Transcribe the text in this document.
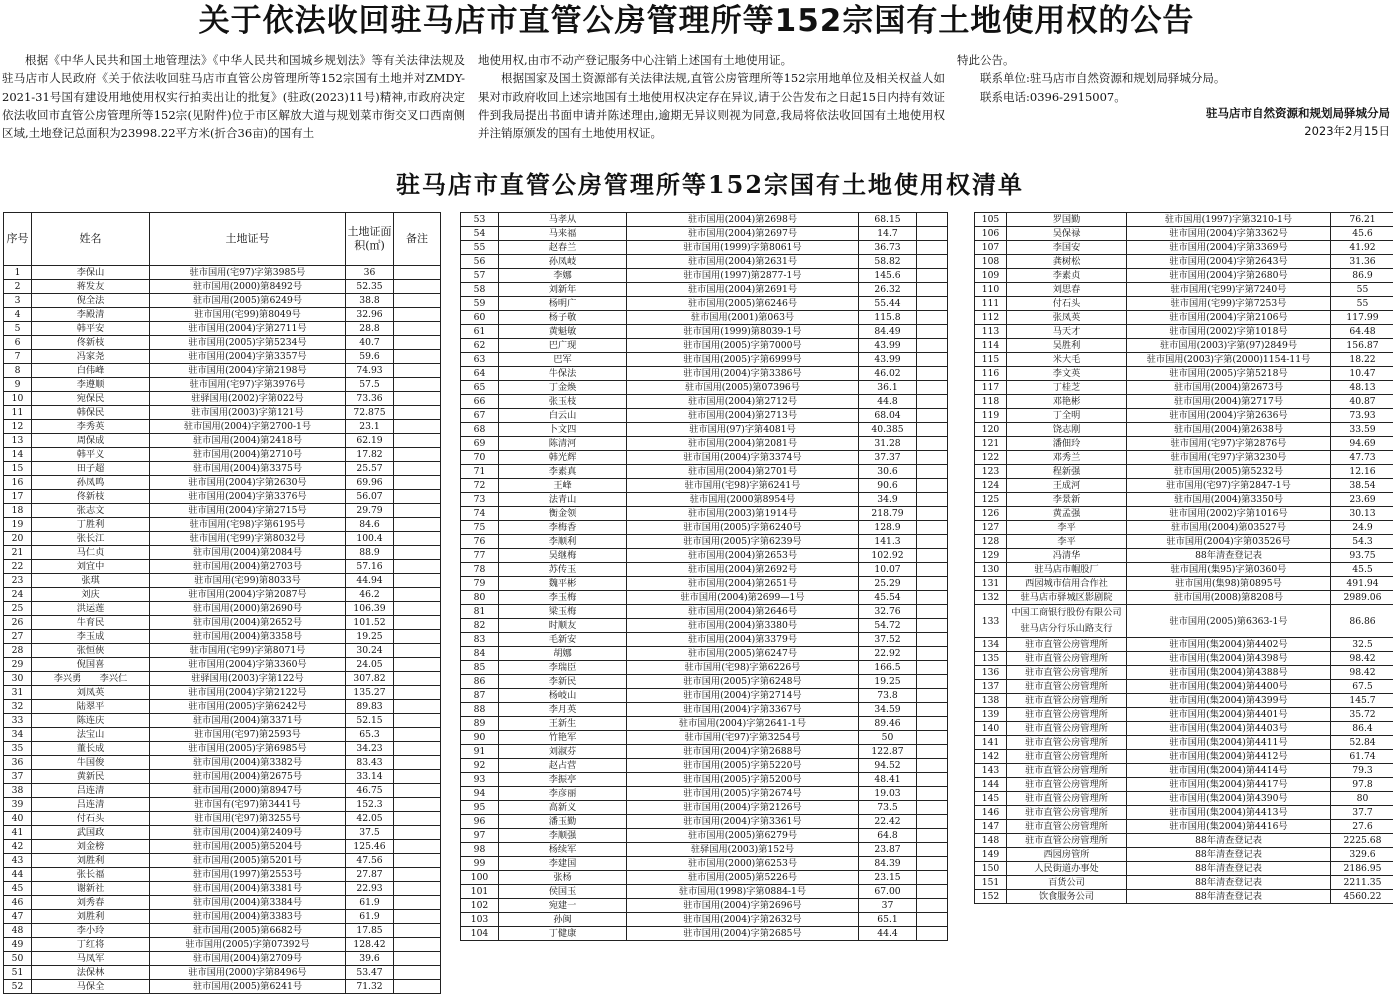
关于依法收回驻马店市直管公房管理所等152宗国有土地使用权的公告

根据《中华人民共和国土地管理法》《中华人民共和国城乡规划法》等有关法律法规及驻马店市人民政府《关于依法收回驻马店市直管公房管理所等152宗国有土地并对ZMDY-2021-31号国有建设用地使用权实行拍卖出让的批复》(驻政(2023)11号)精神,市政府决定依法收回市直管公房管理所等152宗(见附件)位于市区解放大道与规划菜市街交叉口西南侧区域,土地登记总面积为23998.22平方米(折合36亩)的国有土

地使用权,由市不动产登记服务中心注销上述国有土地使用证。

根据国家及国土资源部有关法律法规,直管公房管理所等152宗用地单位及相关权益人如果对市政府收回上述宗地国有土地使用权决定存在异议,请于公告发布之日起15日内持有效证件到我局提出书面申请并陈述理由,逾期无异议则视为同意,我局将依法收回国有土地使用权并注销原颁发的国有土地使用权证。

特此公告。

联系单位:驻马店市自然资源和规划局驿城分局。

联系电话:0396-2915007。

驻马店市自然资源和规划局驿城分局
2023年2月15日
驻马店市直管公房管理所等152宗国有土地使用权清单
序号	姓名	土地证号	土地证面积(㎡)	备注
1	李保山	驻市国用(宅97)字第3985号	36	
2	蒋发友	驻市国用(2000)第8492号	52.35	
3	倪全法	驻市国用(2005)第6249号	38.8	
4	李殿清	驻市国用(宅99)第8049号	32.96	
5	韩平安	驻市国用(2004)字第2711号	28.8	
6	佟新枝	驻市国用(2005)字第5234号	40.7	
7	冯家尧	驻市国用(2004)字第3357号	59.6	
8	白伟峰	驻市国用(2004)字第2198号	74.93	
9	李遵顺	驻市国用(宅97)字第3976号	57.5	
10	宛保民	驻驿国用(2002)字第022号	73.36	
11	韩保民	驻市国用(2003)字第121号	72.875	
12	李秀英	驻市国用(2004)字第2700-1号	23.1	
13	周保成	驻市国用(2004)第2418号	62.19	
14	韩平义	驻市国用(2004)第2710号	17.82	
15	田子超	驻市国用(2004)第3375号	25.57	
16	孙凤鸣	驻市国用(2004)字第2630号	69.96	
17	佟新枝	驻市国用(2004)字第3376号	56.07	
18	张志文	驻市国用(2004)字第2715号	29.79	
19	丁胜利	驻市国用(宅98)字第6195号	84.6	
20	张长江	驻市国用(宅99)字第8032号	100.4	
21	马仁贞	驻市国用(2004)第2084号	88.9	
22	刘宜中	驻市国用(2004)第2703号	57.16	
23	张琪	驻市国用(宅99)第8033号	44.94	
24	刘庆	驻市国用(2004)字第2087号	46.2	
25	洪运莲	驻市国用(2000)第2690号	106.39	
26	牛育民	驻市国用(2004)第2652号	101.52	
27	李玉成	驻市国用(2004)第3358号	19.25	
28	张恒俠	驻市国用(宅99)字第8071号	30.24	
29	倪国喜	驻市国用(2004)字第3360号	24.05	
30	李兴勇　　李兴仁	驻驿国用(2003)字第122号	307.82	
31	刘凤英	驻市国用(2004)字第2122号	135.27	
32	陆翠平	驻市国用(2005)字第6242号	89.83	
33	陈连庆	驻市国用(2004)第3371号	52.15	
34	法宝山	驻市国用(宅97)第2593号	65.3	
35	董长成	驻市国用(2005)字第6985号	34.23	
36	牛国俊	驻市国用(2004)第3382号	83.43	
37	黄新民	驻市国用(2004)第2675号	33.14	
38	吕连清	驻市国用(2000)第8947号	46.75	
39	吕连清	驻市国有(宅97)第3441号	152.3	
40	付石头	驻市国用(宅97)第3255号	42.05	
41	武国政	驻市国用(2004)第2409号	37.5	
42	刘金榜	驻市国用(2005)第5204号	125.46	
43	刘胜利	驻市国用(2005)第5201号	47.56	
44	张长福	驻市国用(1997)第2553号	27.87	
45	谢新社	驻市国用(2004)第3381号	22.93	
46	刘秀春	驻市国用(2004)第3384号	61.9	
47	刘胜利	驻市国用(2004)第3383号	61.9	
48	李小玲	驻市国用(2005)第6682号	17.85	
49	丁红将	驻市国用(2005)字第07392号	128.42	
50	马凤军	驻市国用(2004)第2709号	39.6	
51	法保林	驻市国用(2000)字第8496号	53.47	
52	马保全	驻市国用(2005)第6241号	71.32	
53	马孝从	驻市国用(2004)第2698号	68.15	
54	马来福	驻市国用(2004)第2697号	14.7	
55	赵春兰	驻市国用(1999)字第8061号	36.73	
56	孙凤岐	驻市国用(2004)第2631号	58.82	
57	李娜	驻市国用(1997)第2877-1号	145.6	
58	刘新年	驻市国用(2004)第2691号	26.32	
59	杨明广	驻市国用(2005)第6246号	55.44	
60	杨子敬	驻市国用(2001)第063号	115.8	
61	黄魁敏	驻市国用(1999)第8039-1号	84.49	
62	巴广现	驻市国用(2005)字第7000号	43.99	
63	巴军	驻市国用(2005)字第6999号	43.99	
64	牛保法	驻市国用(2004)字第3386号	46.02	
65	丁金焕	驻市国用(2005)第07396号	36.1	
66	张玉枝	驻市国用(2004)第2712号	44.8	
67	白云山	驻市国用(2004)第2713号	68.04	
68	卜文四	驻市国用(97)字第4081号	40.385	
69	陈清河	驻市国用(2004)第2081号	31.28	
70	韩光辉	驻市国用(2004)字第3374号	37.37	
71	李素真	驻市国用(2004)第2701号	30.6	
72	王峰	驻市国用(宅98)字第6241号	90.6	
73	法青山	驻市国用(2000第8954号	34.9	
74	衡金领	驻市国用(2003)第1914号	218.79	
75	李梅香	驻市国用(2005)字第6240号	128.9	
76	李顺利	驻市国用(2005)字第6239号	141.3	
77	吴继梅	驻市国用(2004)第2653号	102.92	
78	苏传玉	驻市国用(2004)第2692号	10.07	
79	魏平彬	驻市国用(2004)第2651号	25.29	
80	李玉梅	驻市国用(2004)第2699—1号	45.54	
81	梁玉梅	驻市国用(2004)第2646号	32.76	
82	时顺友	驻市国用(2004)第3380号	54.72	
83	毛新安	驻市国用(2004)第3379号	37.52	
84	胡娜	驻市国用(2005)第6247号	22.92	
85	李瑞臣	驻市国用(宅98)字第6226号	166.5	
86	李新民	驻市国用(2005)字第6248号	19.25	
87	杨岐山	驻市国用(2004)字第2714号	73.8	
88	李月英	驻市国用(2004)字第3367号	34.59	
89	王新生	驻市国用(2004)字第2641-1号	89.46	
90	竹艳军	驻市国用(宅97)字第3254号	50	
91	刘淑芬	驻市国用(2004)字第2688号	122.87	
92	赵占营	驻市国用(2005)字第5220号	94.52	
93	李振亭	驻市国用(2005)字第5200号	48.41	
94	李彦丽	驻市国用(2005)字第2674号	19.03	
95	高新义	驻市国用(2004)字第2126号	73.5	
96	潘玉勤	驻市国用(2004)字第3361号	22.42	
97	李顺强	驻市国用(2005)第6279号	64.8	
98	杨续军	驻驿国用(2003)第152号	23.87	
99	李建国	驻市国用(2000)第6253号	84.39	
100	张杨	驻市国用(2005)第5226号	23.15	
101	侯国玉	驻市国用(1998)字第0884-1号	67.00	
102	宛建一	驻市国用(2004)字第2696号	37	
103	孙闽	驻市国用(2004)字第2632号	65.1	
104	丁健康	驻市国用(2004)字第2685号	44.4	
105	罗国勤	驻市国用(1997)字第3210-1号	76.21
106	吴保禄	驻市国用(2004)字第3362号	45.6
107	李国安	驻市国用(2004)字第3369号	41.92
108	龚树松	驻市国用(2004)字第2643号	31.36
109	李素贞	驻市国用(2004)字第2680号	86.9
110	刘思春	驻市国用(宅99)字第7240号	55
111	付石头	驻市国用(宅99)字第7253号	55
112	张凤英	驻市国用(2004)字第2106号	117.99
113	马天才	驻市国用(2002)字第1018号	64.48
114	吴胜利	驻市国用(2003)字第(97)2849号	156.87
115	米大毛	驻市国用(2003)字第(2000)1154-11号	18.22
116	李文英	驻市国用(2005)字第5218号	10.47
117	丁桂芝	驻市国用(2004)第2673号	48.13
118	邓艳彬	驻市国用(2004)第2717号	40.87
119	丁全明	驻市国用(2004)字第2636号	73.93
120	饶志刚	驻市国用(2004)第2638号	33.59
121	潘佃玲	驻市国用(宅97)字第2876号	94.69
122	邓秀兰	驻市国用(宅97)字第3230号	47.73
123	程新强	驻市国用(2005)第5232号	12.16
124	王成河	驻市国用(宅97)字第2847-1号	38.54
125	李景新	驻市国用(2004)第3350号	23.69
126	黄孟强	驻市国用(2002)字第1016号	30.13
127	李平	驻市国用(2004)第03527号	24.9
128	李平	驻市国用(2004)字第03526号	54.3
129	冯清华	88年清查登记表	93.75
130	驻马店市帽股厂	驻市国用(集95)字第0360号	45.5
131	西园城市信用合作社	驻市国用(集98)第0895号	491.94
132	驻马店市驿城区影剧院	驻市国用(2008)第8208号	2989.06
133	中国工商银行股份有限公司驻马店分行乐山路支行	驻市国用(2005)第6363-1号	86.86
134	驻市直管公房管理所	驻市国用(集2004)第4402号	32.5
135	驻市直管公房管理所	驻市国用(集2004)第4398号	98.42
136	驻市直管公房管理所	驻市国用(集2004)第4388号	98.42
137	驻市直管公房管理所	驻市国用(集2004)第4400号	67.5
138	驻市直管公房管理所	驻市国用(集2004)第4399号	145.7
139	驻市直管公房管理所	驻市国用(集2004)第4401号	35.72
140	驻市直管公房管理所	驻市国用(集2004)第4403号	86.4
141	驻市直管公房管理所	驻市国用(集2004)第4411号	52.84
142	驻市直管公房管理所	驻市国用(集2004)第4412号	61.74
143	驻市直管公房管理所	驻市国用(集2004)第4414号	79.3
144	驻市直管公房管理所	驻市国用(集2004)第4417号	97.8
145	驻市直管公房管理所	驻市国用(集2004)第4390号	80
146	驻市直管公房管理所	驻市国用(集2004)第4413号	37.7
147	驻市直管公房管理所	驻市国用(集2004)第4416号	27.6
148	驻市直管公房管理所	88年清查登记表	2225.68
149	西园房管所	88年清查登记表	329.6
150	人民街道办事处	88年清查登记表	2186.95
151	百货公司	88年清查登记表	2211.35
152	饮食服务公司	88年清查登记表	4560.22
